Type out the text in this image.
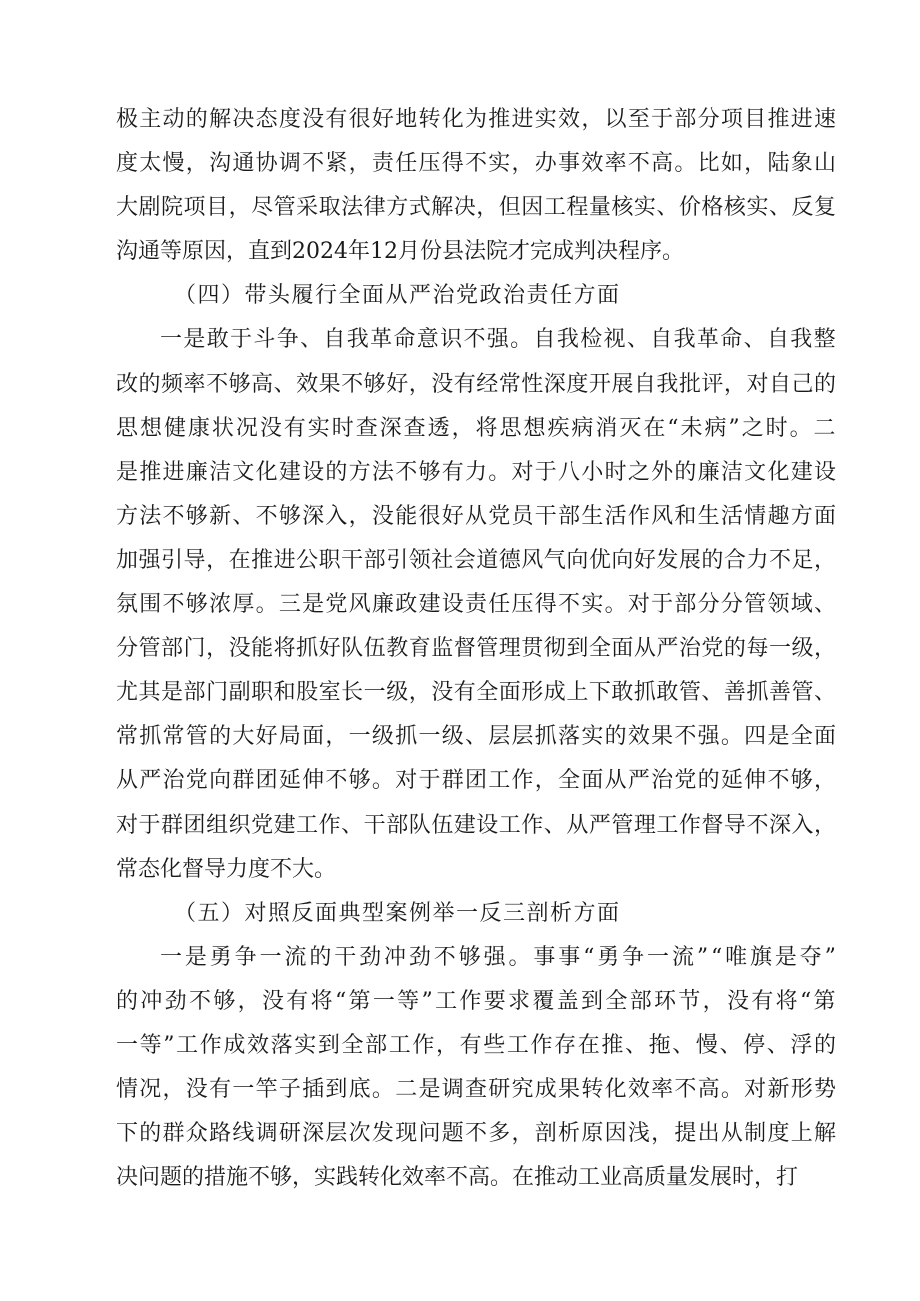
极 主 动 的 解 决 态 度 没 有 很 好 地 转 化 为 推 进 实 效 ， 以 至 于 部 分 项 目 推 进 速
度 太 慢 ， 沟 通 协 调 不 紧 ， 责 任 压 得 不 实 ， 办 事 效 率 不 高 。 比 如 ， 陆 象 山
大 剧 院 项 目 ， 尽 管 采 取 法 律 方 式 解 决 ， 但 因 工 程 量 核 实 、 价 格 核 实 、 反 复
沟通等原因，直到2024年12月份县法院才完成判决程序。
（四）带头履行全面从严治党政治责任方面
一 是 敢 于 斗 争 、 自 我 革 命 意 识 不 强 。 自 我 检 视 、 自 我 革 命 、 自 我 整
改 的 频 率 不 够 高 、 效 果 不 够 好 ， 没 有 经 常 性 深 度 开 展 自 我 批 评 ， 对 自 己 的
思 想 健 康 状 况 没 有 实 时 查 深 查 透 ， 将 思 想 疾 病 消 灭 在 “ 未 病 ” 之 时 。 二
是 推 进 廉 洁 文 化 建 设 的 方 法 不 够 有 力 。 对 于 八 小 时 之 外 的 廉 洁 文 化 建 设
方 法 不 够 新 、 不 够 深 入 ， 没 能 很 好 从 党 员 干 部 生 活 作 风 和 生 活 情 趣 方 面
加 强 引 导 ， 在 推 进 公 职 干 部 引 领 社 会 道 德 风 气 向 优 向 好 发 展 的 合 力 不 足 ，
氛 围 不 够 浓 厚 。 三 是 党 风 廉 政 建 设 责 任 压 得 不 实 。 对 于 部 分 分 管 领 域 、
分 管 部 门 ， 没 能 将 抓 好 队 伍 教 育 监 督 管 理 贯 彻 到 全 面 从 严 治 党 的 每 一 级 ，
尤 其 是 部 门 副 职 和 股 室 长 一 级 ， 没 有 全 面 形 成 上 下 敢 抓 敢 管 、 善 抓 善 管 、
常 抓 常 管 的 大 好 局 面 ， 一 级 抓 一 级 、 层 层 抓 落 实 的 效 果 不 强 。 四 是 全 面
从 严 治 党 向 群 团 延 伸 不 够 。 对 于 群 团 工 作 ， 全 面 从 严 治 党 的 延 伸 不 够 ，
对 于 群 团 组 织 党 建 工 作 、 干 部 队 伍 建 设 工 作 、 从 严 管 理 工 作 督 导 不 深 入 ，
常态化督导力度不大。
（五）对照反面典型案例举一反三剖析方面
一 是 勇 争 一 流 的 干 劲 冲 劲 不 够 强 。 事 事 “ 勇 争 一 流 ” “ 唯 旗 是 夺 ”
的 冲 劲 不 够 ， 没 有 将 “ 第 一 等 ” 工 作 要 求 覆 盖 到 全 部 环 节 ， 没 有 将 “ 第
一 等 ” 工 作 成 效 落 实 到 全 部 工 作 ， 有 些 工 作 存 在 推 、 拖 、 慢 、 停 、 浮 的
情 况 ， 没 有 一 竿 子 插 到 底 。 二 是 调 查 研 究 成 果 转 化 效 率 不 高 。 对 新 形 势
下 的 群 众 路 线 调 研 深 层 次 发 现 问 题 不 多 ， 剖 析 原 因 浅 ， 提 出 从 制 度 上 解
决问题的措施不够，实践转化效率不高。在推动工业高质量发展时，打
